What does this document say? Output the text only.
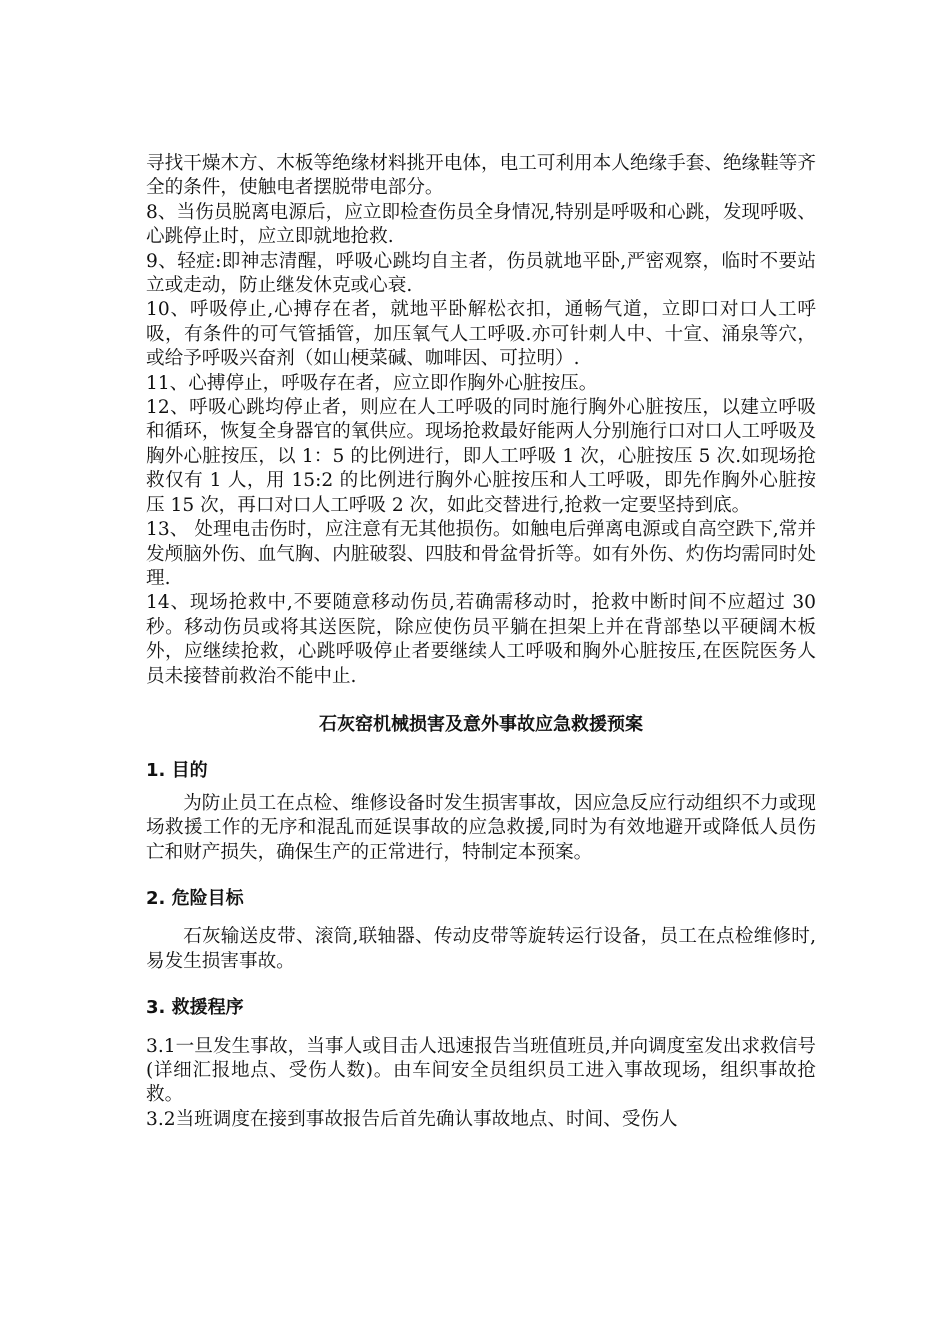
寻找干燥木方、木板等绝缘材料挑开电体，电工可利用本人绝缘手套、绝缘鞋等齐全的条件，使触电者摆脱带电部分。

8、当伤员脱离电源后，应立即检查伤员全身情况,特别是呼吸和心跳，发现呼吸、心跳停止时，应立即就地抢救.

9、轻症:即神志清醒，呼吸心跳均自主者，伤员就地平卧,严密观察，临时不要站立或走动，防止继发休克或心衰.

10、呼吸停止,心搏存在者，就地平卧解松衣扣，通畅气道，立即口对口人工呼吸，有条件的可气管插管，加压氧气人工呼吸.亦可针刺人中、十宣、涌泉等穴，或给予呼吸兴奋剂（如山梗菜碱、咖啡因、可拉明）.

11、心搏停止，呼吸存在者，应立即作胸外心脏按压。

12、呼吸心跳均停止者，则应在人工呼吸的同时施行胸外心脏按压，以建立呼吸和循环，恢复全身器官的氧供应。现场抢救最好能两人分别施行口对口人工呼吸及胸外心脏按压，以 1：5 的比例进行，即人工呼吸 1 次，心脏按压 5 次.如现场抢救仅有 1 人，用 15:2 的比例进行胸外心脏按压和人工呼吸，即先作胸外心脏按压 15 次，再口对口人工呼吸 2 次，如此交替进行,抢救一定要坚持到底。

13、 处理电击伤时，应注意有无其他损伤。如触电后弹离电源或自高空跌下,常并发颅脑外伤、血气胸、内脏破裂、四肢和骨盆骨折等。如有外伤、灼伤均需同时处理.

14、现场抢救中,不要随意移动伤员,若确需移动时，抢救中断时间不应超过 30 秒。移动伤员或将其送医院，除应使伤员平躺在担架上并在背部垫以平硬阔木板外，应继续抢救，心跳呼吸停止者要继续人工呼吸和胸外心脏按压,在医院医务人员未接替前救治不能中止.

石灰窑机械损害及意外事故应急救援预案
1. 目的

为防止员工在点检、维修设备时发生损害事故，因应急反应行动组织不力或现场救援工作的无序和混乱而延误事故的应急救援,同时为有效地避开或降低人员伤亡和财产损失，确保生产的正常进行，特制定本预案。

2. 危险目标

石灰输送皮带、滚筒,联轴器、传动皮带等旋转运行设备，员工在点检维修时,易发生损害事故。

3. 救援程序

3.1一旦发生事故，当事人或目击人迅速报告当班值班员,并向调度室发出求救信号(详细汇报地点、受伤人数)。由车间安全员组织员工进入事故现场，组织事故抢救。

3.2当班调度在接到事故报告后首先确认事故地点、时间、受伤人
